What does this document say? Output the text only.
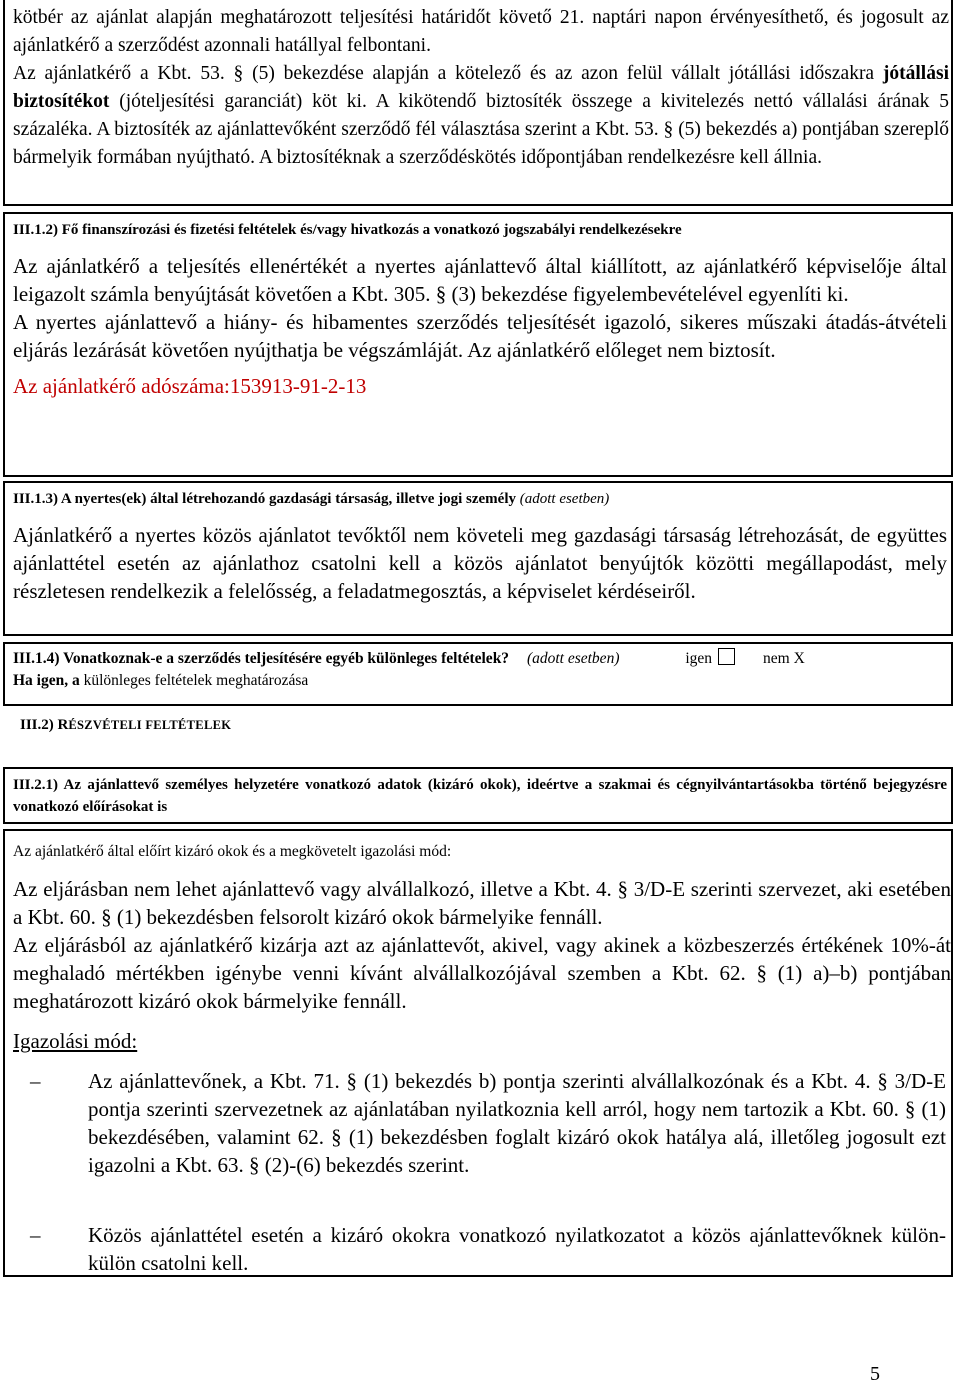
kötbér az ajánlat alapján meghatározott teljesítési határidőt követő 21. naptári napon érvényesíthető, és jogosult az ajánlatkérő a szerződést azonnali hatállyal felbontani.

Az ajánlatkérő a Kbt. 53. § (5) bekezdése alapján a kötelező és az azon felül vállalt jótállási időszakra jótállási biztosítékot (jóteljesítési garanciát) köt ki. A kikötendő biztosíték összege a kivitelezés nettó vállalási árának 5 százaléka. A biztosíték az ajánlattevőként szerződő fél választása szerint a Kbt. 53. § (5) bekezdés a) pontjában szereplő bármelyik formában nyújtható. A biztosítéknak a szerződéskötés időpontjában rendelkezésre kell állnia.

III.1.2) Fő finanszírozási és fizetési feltételek és/vagy hivatkozás a vonatkozó jogszabályi rendelkezésekre

Az ajánlatkérő a teljesítés ellenértékét a nyertes ajánlattevő által kiállított, az ajánlatkérő képviselője által leigazolt számla benyújtását követően a Kbt. 305. § (3) bekezdése figyelembevételével egyenlíti ki.

A nyertes ajánlattevő a hiány- és hibamentes szerződés teljesítését igazoló, sikeres műszaki átadás-átvételi eljárás lezárását követően nyújthatja be végszámláját. Az ajánlatkérő előleget nem biztosít.

Az ajánlatkérő adószáma:153913-91-2-13

III.1.3) A nyertes(ek) által létrehozandó gazdasági társaság, illetve jogi személy (adott esetben)

Ajánlatkérő a nyertes közös ajánlatot tevőktől nem követeli meg gazdasági társaság létrehozását, de együttes ajánlattétel esetén az ajánlathoz csatolni kell a közös ajánlatot benyújtók közötti megállapodást, mely részletesen rendelkezik a felelősség, a feladatmegosztás, a képviselet kérdéseiről.

III.1.4) Vonatkoznak-e a szerződés teljesítésére egyéb különleges feltételek? (adott esetben)	igen	nem X

Ha igen, a különleges feltételek meghatározása

III.2) RÉSZVÉTELI FELTÉTELEK

III.2.1) Az ajánlattevő személyes helyzetére vonatkozó adatok (kizáró okok), ideértve a szakmai és cégnyilvántartásokba történő bejegyzésre vonatkozó előírásokat is

Az ajánlatkérő által előírt kizáró okok és a megkövetelt igazolási mód:

Az eljárásban nem lehet ajánlattevő vagy alvállalkozó, illetve a Kbt. 4. § 3/D-E szerinti szervezet, aki esetében a Kbt. 60. § (1) bekezdésben felsorolt kizáró okok bármelyike fennáll.

Az eljárásból az ajánlatkérő kizárja azt az ajánlattevőt, akivel, vagy akinek a közbeszerzés értékének 10%-át meghaladó mértékben igénybe venni kívánt alvállalkozójával szemben a Kbt. 62. § (1) a)–b) pontjában meghatározott kizáró okok bármelyike fennáll.

Igazolási mód:

– Az ajánlattevőnek, a Kbt. 71. § (1) bekezdés b) pontja szerinti alvállalkozónak és a Kbt. 4. § 3/D-E pontja szerinti szervezetnek az ajánlatában nyilatkoznia kell arról, hogy nem tartozik a Kbt. 60. § (1) bekezdésében, valamint 62. § (1) bekezdésben foglalt kizáró okok hatálya alá, illetőleg jogosult ezt igazolni a Kbt. 63. § (2)-(6) bekezdés szerint.
– Közös ajánlattétel esetén a kizáró okokra vonatkozó nyilatkozatot a közös ajánlattevőknek külön-külön csatolni kell.
5
